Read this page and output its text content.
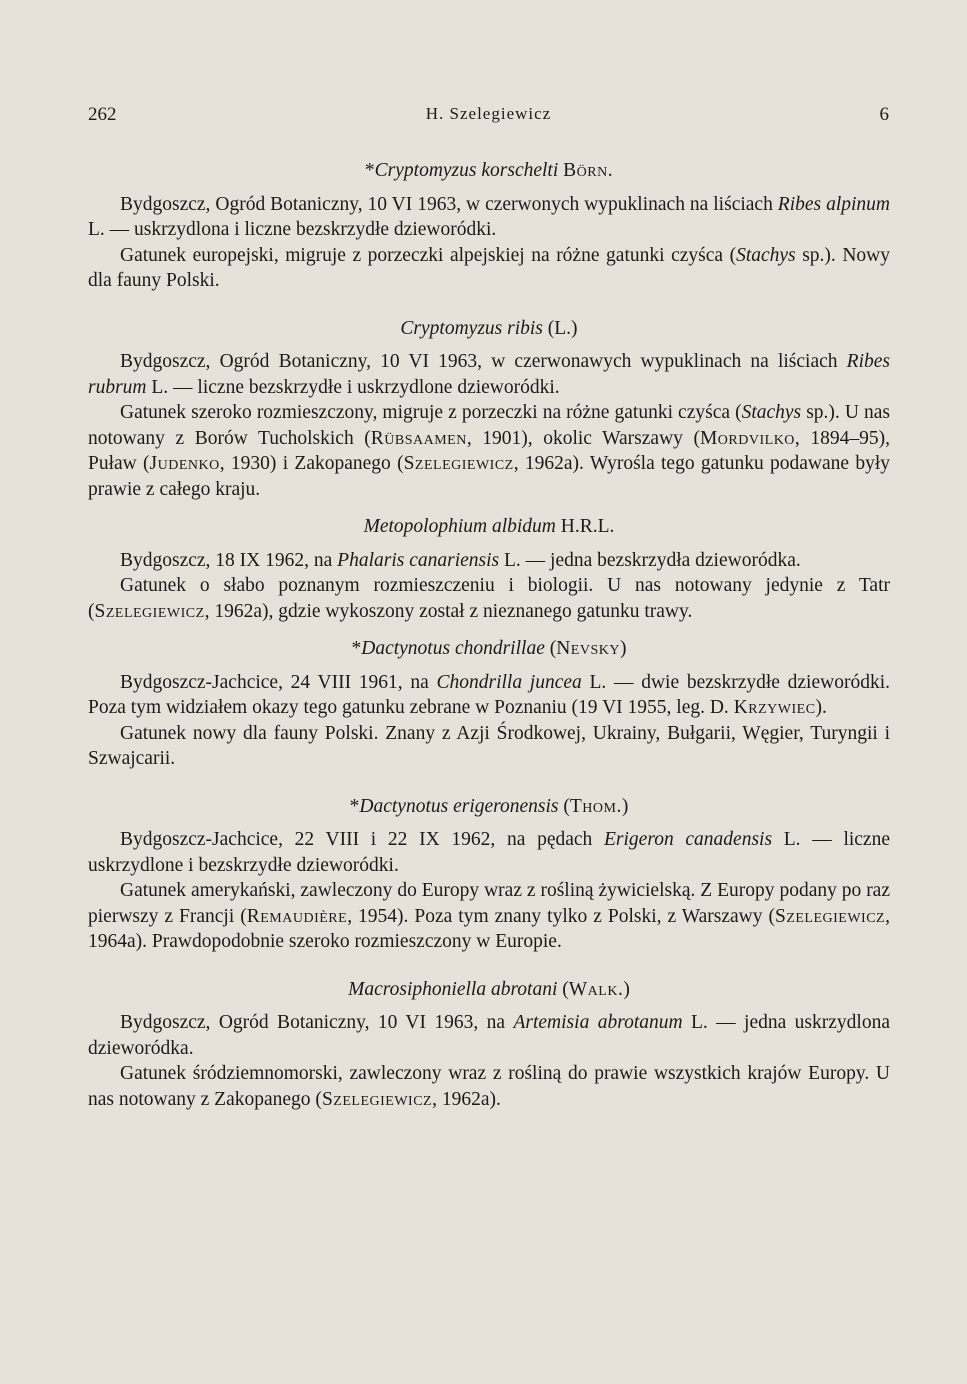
262	H. Szelegiewicz	6
*Cryptomyzus korschelti Börn.

Bydgoszcz, Ogród Botaniczny, 10 VI 1963, w czerwonych wypuklinach na liściach Ribes alpinum L. — uskrzydlona i liczne bezskrzydłe dzieworódki.

Gatunek europejski, migruje z porzeczki alpejskiej na różne gatunki czyśca (Stachys sp.). Nowy dla fauny Polski.

Cryptomyzus ribis (L.)

Bydgoszcz, Ogród Botaniczny, 10 VI 1963, w czerwonawych wypuklinach na liściach Ribes rubrum L. — liczne bezskrzydłe i uskrzydlone dzieworódki.

Gatunek szeroko rozmieszczony, migruje z porzeczki na różne gatunki czyśca (Stachys sp.). U nas notowany z Borów Tucholskich (Rübsaamen, 1901), okolic Warszawy (Mordvilko, 1894–95), Puław (Judenko, 1930) i Zakopanego (Szelegiewicz, 1962a). Wyrośla tego gatunku podawane były prawie z całego kraju.

Metopolophium albidum H.R.L.

Bydgoszcz, 18 IX 1962, na Phalaris canariensis L. — jedna bezskrzydła dzieworódka.

Gatunek o słabo poznanym rozmieszczeniu i biologii. U nas notowany jedynie z Tatr (Szelegiewicz, 1962a), gdzie wykoszony został z nieznanego gatunku trawy.

*Dactynotus chondrillae (Nevsky)

Bydgoszcz-Jachcice, 24 VIII 1961, na Chondrilla juncea L. — dwie bezskrzydłe dzieworódki. Poza tym widziałem okazy tego gatunku zebrane w Poznaniu (19 VI 1955, leg. D. Krzywiec).

Gatunek nowy dla fauny Polski. Znany z Azji Środkowej, Ukrainy, Bułgarii, Węgier, Turyngii i Szwajcarii.

*Dactynotus erigeronensis (Thom.)

Bydgoszcz-Jachcice, 22 VIII i 22 IX 1962, na pędach Erigeron canadensis L. — liczne uskrzydlone i bezskrzydłe dzieworódki.

Gatunek amerykański, zawleczony do Europy wraz z rośliną żywicielską. Z Europy podany po raz pierwszy z Francji (Remaudière, 1954). Poza tym znany tylko z Polski, z Warszawy (Szelegiewicz, 1964a). Prawdopodobnie szeroko rozmieszczony w Europie.

Macrosiphoniella abrotani (Walk.)

Bydgoszcz, Ogród Botaniczny, 10 VI 1963, na Artemisia abrotanum L. — jedna uskrzydlona dzieworódka.

Gatunek śródziemnomorski, zawleczony wraz z rośliną do prawie wszystkich krajów Europy. U nas notowany z Zakopanego (Szelegiewicz, 1962a).
